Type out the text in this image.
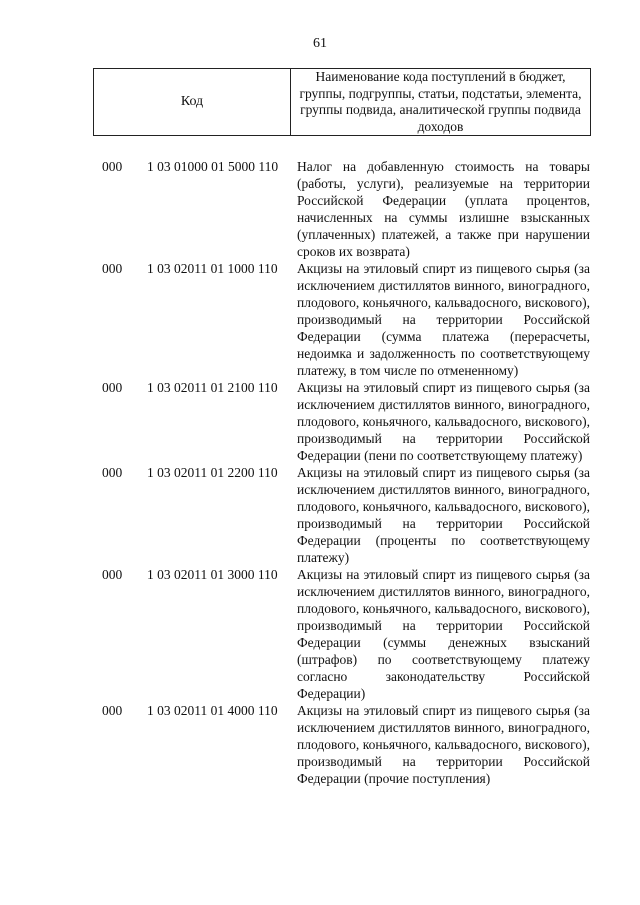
61
Код
Наименование кода поступлений в бюджет, группы, подгруппы, статьи, подстатьи, элемента, группы подвида, аналитической группы подвида доходов
000	1 03 01000 01 5000 110	Налог на добавленную стоимость на товары (работы, услуги), реализуемые на территории Российской Федерации (уплата процентов, начисленных на суммы излишне взысканных (уплаченных) платежей, а также при нарушении сроков их возврата)
000	1 03 02011 01 1000 110	Акцизы на этиловый спирт из пищевого сырья (за исключением дистиллятов винного, виноградного, плодового, коньячного, кальвадосного, вискового), производимый на территории Российской Федерации (сумма платежа (перерасчеты, недоимка и задолженность по соответствующему платежу, в том числе по отмененному)
000	1 03 02011 01 2100 110	Акцизы на этиловый спирт из пищевого сырья (за исключением дистиллятов винного, виноградного, плодового, коньячного, кальвадосного, вискового), производимый на территории Российской Федерации (пени по соответствующему платежу)
000	1 03 02011 01 2200 110	Акцизы на этиловый спирт из пищевого сырья (за исключением дистиллятов винного, виноградного, плодового, коньячного, кальвадосного, вискового), производимый на территории Российской Федерации (проценты по соответствующему платежу)
000	1 03 02011 01 3000 110	Акцизы на этиловый спирт из пищевого сырья (за исключением дистиллятов винного, виноградного, плодового, коньячного, кальвадосного, вискового), производимый на территории Российской Федерации (суммы денежных взысканий (штрафов) по соответствующему платежу согласно законодательству Российской Федерации)
000	1 03 02011 01 4000 110	Акцизы на этиловый спирт из пищевого сырья (за исключением дистиллятов винного, виноградного, плодового, коньячного, кальвадосного, вискового), производимый на территории Российской Федерации (прочие поступления)
